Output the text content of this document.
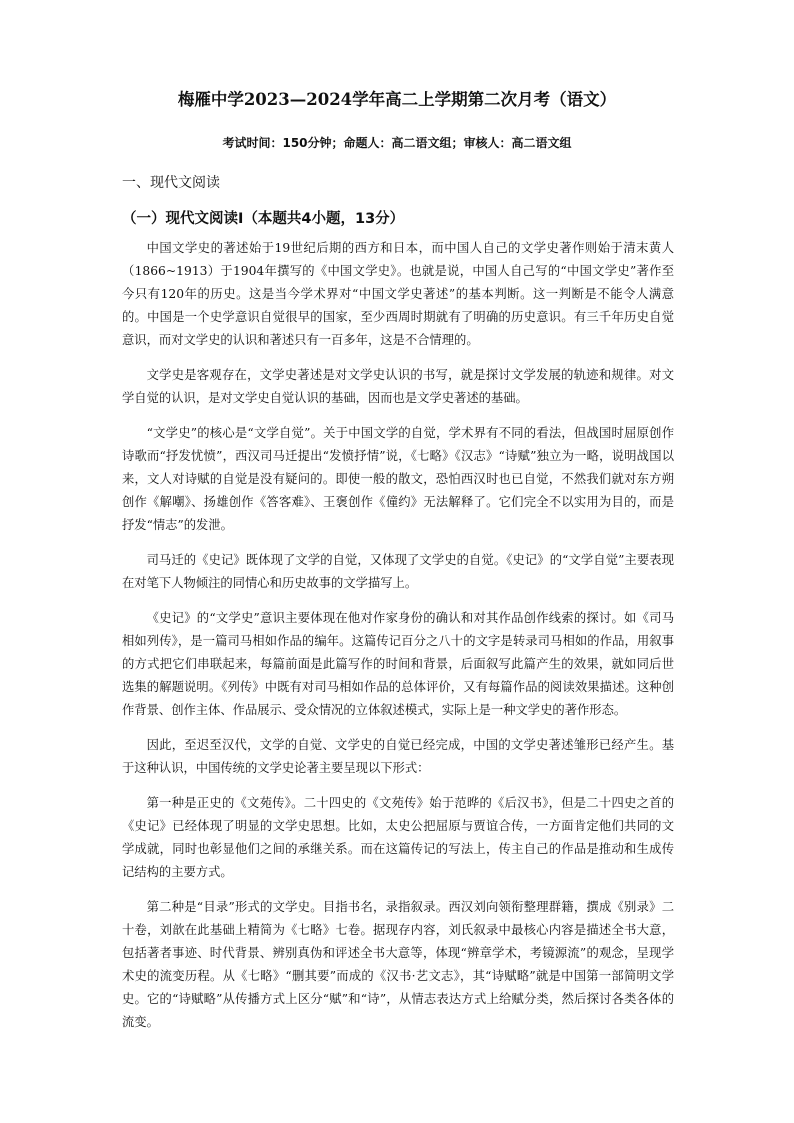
梅雁中学2023—2024学年高二上学期第二次月考（语文）
考试时间：150分钟；命题人：高二语文组；审核人：高二语文组
一、现代文阅读
（一）现代文阅读Ⅰ（本题共4小题，13分）

中国文学史的著述始于19世纪后期的西方和日本，而中国人自己的文学史著作则始于清末黄人（1866~1913）于1904年撰写的《中国文学史》。也就是说，中国人自己写的“中国文学史”著作至今只有120年的历史。这是当今学术界对“中国文学史著述”的基本判断。这一判断是不能令人满意的。中国是一个史学意识自觉很早的国家，至少西周时期就有了明确的历史意识。有三千年历史自觉意识，而对文学史的认识和著述只有一百多年，这是不合情理的。

文学史是客观存在，文学史著述是对文学史认识的书写，就是探讨文学发展的轨迹和规律。对文学自觉的认识，是对文学史自觉认识的基础，因而也是文学史著述的基础。

“文学史”的核心是“文学自觉”。关于中国文学的自觉，学术界有不同的看法，但战国时屈原创作诗歌而“抒发忧愤”，西汉司马迁提出“发愤抒情”说，《七略》《汉志》“诗赋”独立为一略，说明战国以来，文人对诗赋的自觉是没有疑问的。即使一般的散文，恐怕西汉时也已自觉，不然我们就对东方朔创作《解嘲》、扬雄创作《答客难》、王褒创作《僮约》无法解释了。它们完全不以实用为目的，而是抒发“情志”的发泄。

司马迁的《史记》既体现了文学的自觉，又体现了文学史的自觉。《史记》的“文学自觉”主要表现在对笔下人物倾注的同情心和历史故事的文学描写上。

《史记》的“文学史”意识主要体现在他对作家身份的确认和对其作品创作线索的探讨。如《司马相如列传》，是一篇司马相如作品的编年。这篇传记百分之八十的文字是转录司马相如的作品，用叙事的方式把它们串联起来，每篇前面是此篇写作的时间和背景，后面叙写此篇产生的效果，就如同后世选集的解题说明。《列传》中既有对司马相如作品的总体评价，又有每篇作品的阅读效果描述。这种创作背景、创作主体、作品展示、受众情况的立体叙述模式，实际上是一种文学史的著作形态。

因此，至迟至汉代，文学的自觉、文学史的自觉已经完成，中国的文学史著述雏形已经产生。基于这种认识，中国传统的文学史论著主要呈现以下形式：

第一种是正史的《文苑传》。二十四史的《文苑传》始于范晔的《后汉书》，但是二十四史之首的《史记》已经体现了明显的文学史思想。比如，太史公把屈原与贾谊合传，一方面肯定他们共同的文学成就，同时也彰显他们之间的承继关系。而在这篇传记的写法上，传主自己的作品是推动和生成传记结构的主要方式。

第二种是“目录”形式的文学史。目指书名，录指叙录。西汉刘向领衔整理群籍，撰成《别录》二十卷，刘歆在此基础上精简为《七略》七卷。据现存内容，刘氏叙录中最核心内容是描述全书大意，包括著者事迹、时代背景、辨别真伪和评述全书大意等，体现“辨章学术，考镜源流”的观念，呈现学术史的流变历程。从《七略》“删其要”而成的《汉书·艺文志》，其“诗赋略”就是中国第一部简明文学史。它的“诗赋略”从传播方式上区分“赋”和“诗”，从情志表达方式上给赋分类，然后探讨各类各体的流变。
